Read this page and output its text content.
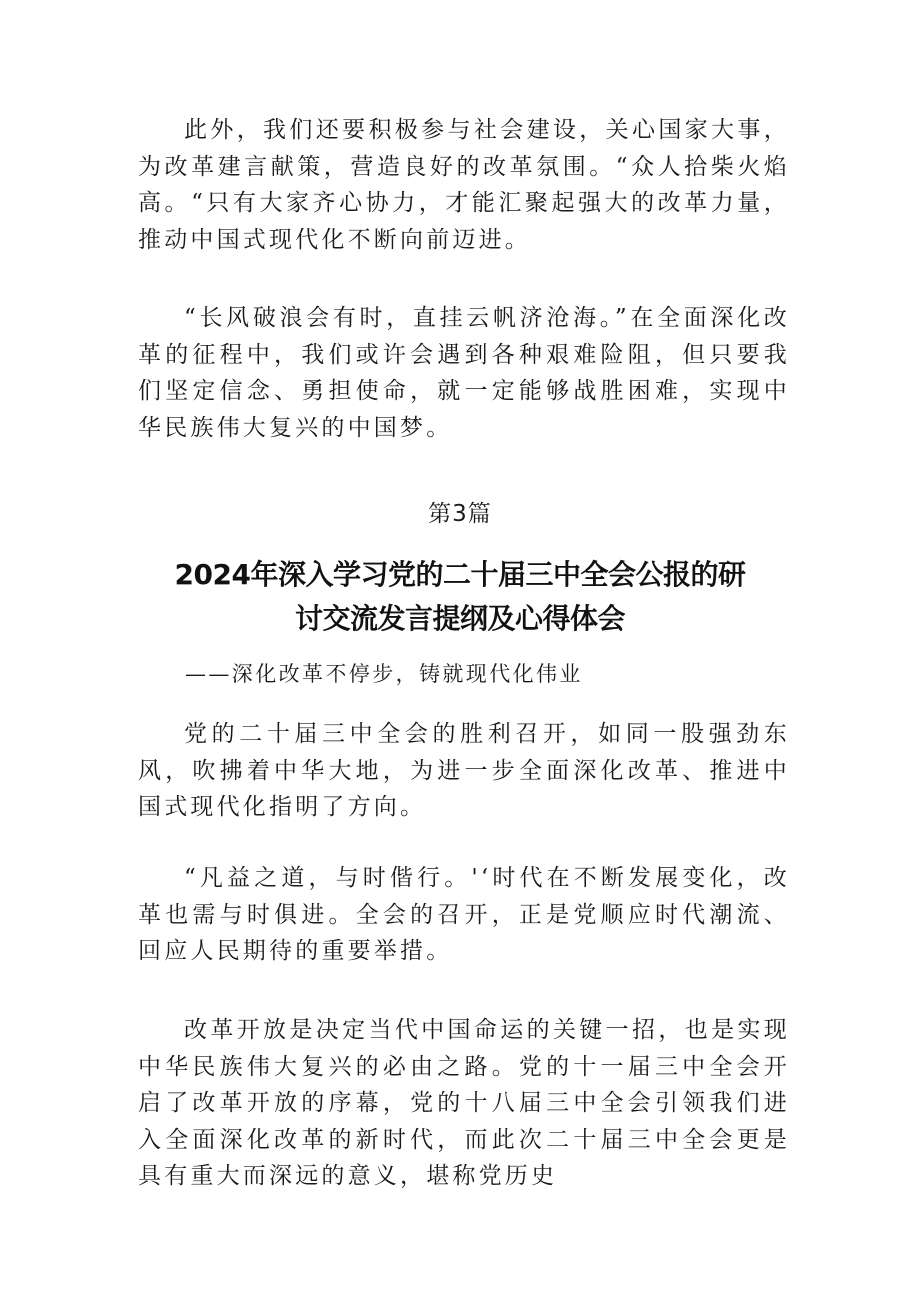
此外，我们还要积极参与社会建设，关心国家大事，为改革建言献策，营造良好的改革氛围。“众人拾柴火焰高。“只有大家齐心协力，才能汇聚起强大的改革力量，推动中国式现代化不断向前迈进。

“长风破浪会有时，直挂云帆济沧海。”在全面深化改革的征程中，我们或许会遇到各种艰难险阻，但只要我们坚定信念、勇担使命，就一定能够战胜困难，实现中华民族伟大复兴的中国梦。

第3篇

2024年深入学习党的二十届三中全会公报的研
讨交流发言提纲及心得体会

——深化改革不停步，铸就现代化伟业

党的二十届三中全会的胜利召开，如同一股强劲东风，吹拂着中华大地，为进一步全面深化改革、推进中国式现代化指明了方向。

“凡益之道，与时偕行。'‘时代在不断发展变化，改革也需与时俱进。全会的召开，正是党顺应时代潮流、回应人民期待的重要举措。

改革开放是决定当代中国命运的关键一招，也是实现中华民族伟大复兴的必由之路。党的十一届三中全会开启了改革开放的序幕，党的十八届三中全会引领我们进入全面深化改革的新时代，而此次二十届三中全会更是具有重大而深远的意义，堪称党历史
